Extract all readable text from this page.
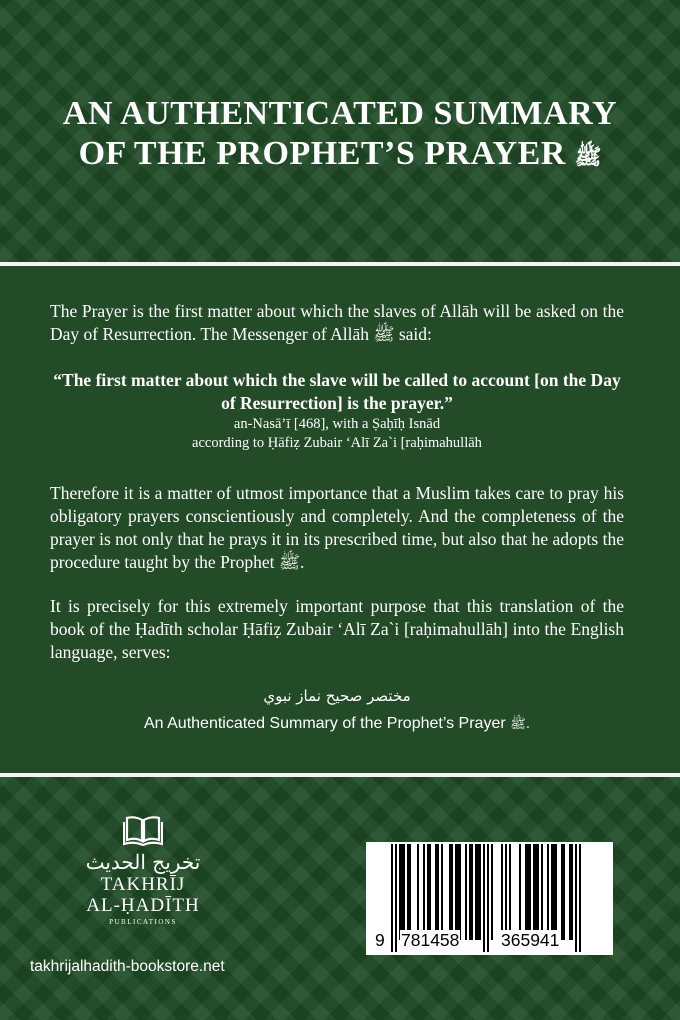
AN AUTHENTICATED SUMMARY
OF THE PROPHET’S PRAYER ﷺ

The Prayer is the first matter about which the slaves of Allāh will be asked on the Day of Resurrection. The Messenger of Allāh ﷺ said:

“The first matter about which the slave will be called to account [on the Day of Resurrection] is the prayer.”

an-Nasā’ī [468], with a Ṣaḥīḥ Isnād

according to Ḥāfiẓ Zubair ‘Alī Za`i [raḥimahullāh

Therefore it is a matter of utmost importance that a Muslim takes care to pray his obligatory prayers conscientiously and completely. And the completeness of the prayer is not only that he prays it in its prescribed time, but also that he adopts the procedure taught by the Prophet ﷺ.

It is precisely for this extremely important purpose that this translation of the book of the Ḥadīth scholar Ḥāfiẓ Zubair ‘Alī Za`i [raḥimahullāh] into the English language, serves:

مختصر صحيح نماز نبوي

An Authenticated Summary of the Prophet’s Prayer ﷺ.

تخريج الحديث
TAKHRĪJ
AL-ḤADĪTH
PUBLICATIONS
takhrijalhadith-bookstore.net
9 781458 365941
